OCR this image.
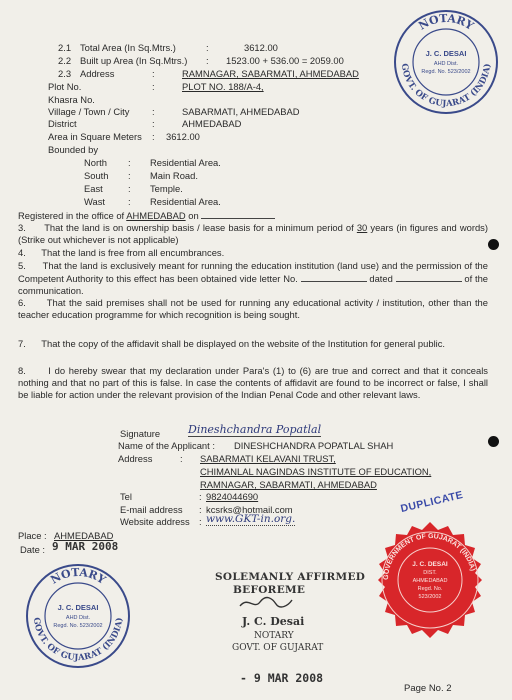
2.1 Total Area (In Sq.Mtrs.)	:	3612.00
2.2 Built up Area (In Sq.Mtrs.) : 1523.00 + 536.00 = 2059.00
2.3 Address	:	RAMNAGAR, SABARMATI, AHMEDABAD
Plot No.	:	PLOT NO. 188/A-4,
Khasra No.
Village / Town / City :	SABARMATI, AHMEDABAD
District	:	AHMEDABAD
Area in Square Meters : 3612.00
Bounded by
North : Residential Area.
South : Main Road.
East	: Temple.
Wast : Residential Area.
Registered in the office of AHMEDABAD on
3. That the land is on ownership basis / lease basis for a minimum period of 30 years (in figures and words) (Strike out whichever is not applicable)
4. That the land is free from all encumbrances.
5. That the land is exclusively meant for running the education institution (land use) and the permission of the Competent Authority to this effect has been obtained vide letter No.	dated	of the communication.
6. That the said premises shall not be used for running any educational activity / institution, other than the teacher education programme for which recognition is being sought.
7. That the copy of the affidavit shall be displayed on the website of the Institution for general public.
8. I do hereby swear that my declaration under Para's (1) to (6) are true and correct and that it conceals nothing and that no part of this is false. In case the contents of affidavit are found to be incorrect or false, I shall be liable for action under the relevant provision of the Indian Penal Code and other relevant laws.
Signature	Dineshchandra Popatlal
Name of the Applicant : DINESHCHANDRA POPATLAL SHAH
Address	: SABARMATI KELAVANI TRUST,
CHIMANLAL NAGINDAS INSTITUTE OF EDUCATION,
RAMNAGAR, SABARMATI, AHMEDABAD
Tel	: 9824044690
E-mail address : kcsrks@hotmail.com
Website address : www.GKT-in.org.
DUPLICATE
Place : AHMEDABAD
Date : 9 MAR 2008
SOLEMANLY AFFIRMED
BEFOREME
J. C. Desai
NOTARY
GOVT. OF GUJARAT
- 9 MAR 2008
Page No. 2
NOTARY
GOVT. OF GUJARAT (INDIA)
J. C. DESAI
AHD Dist.
Regd. No. 523/2002
NOTARY
GOVT. OF GUJARAT (INDIA)
J. C. DESAI
AHD Dist.
Regd. No. 523/2002
GOVERNMENT OF GUJARAT (INDIA)
J. C. DESAI
DIST.
AHMEDABAD
Regd. No.
523/2002
